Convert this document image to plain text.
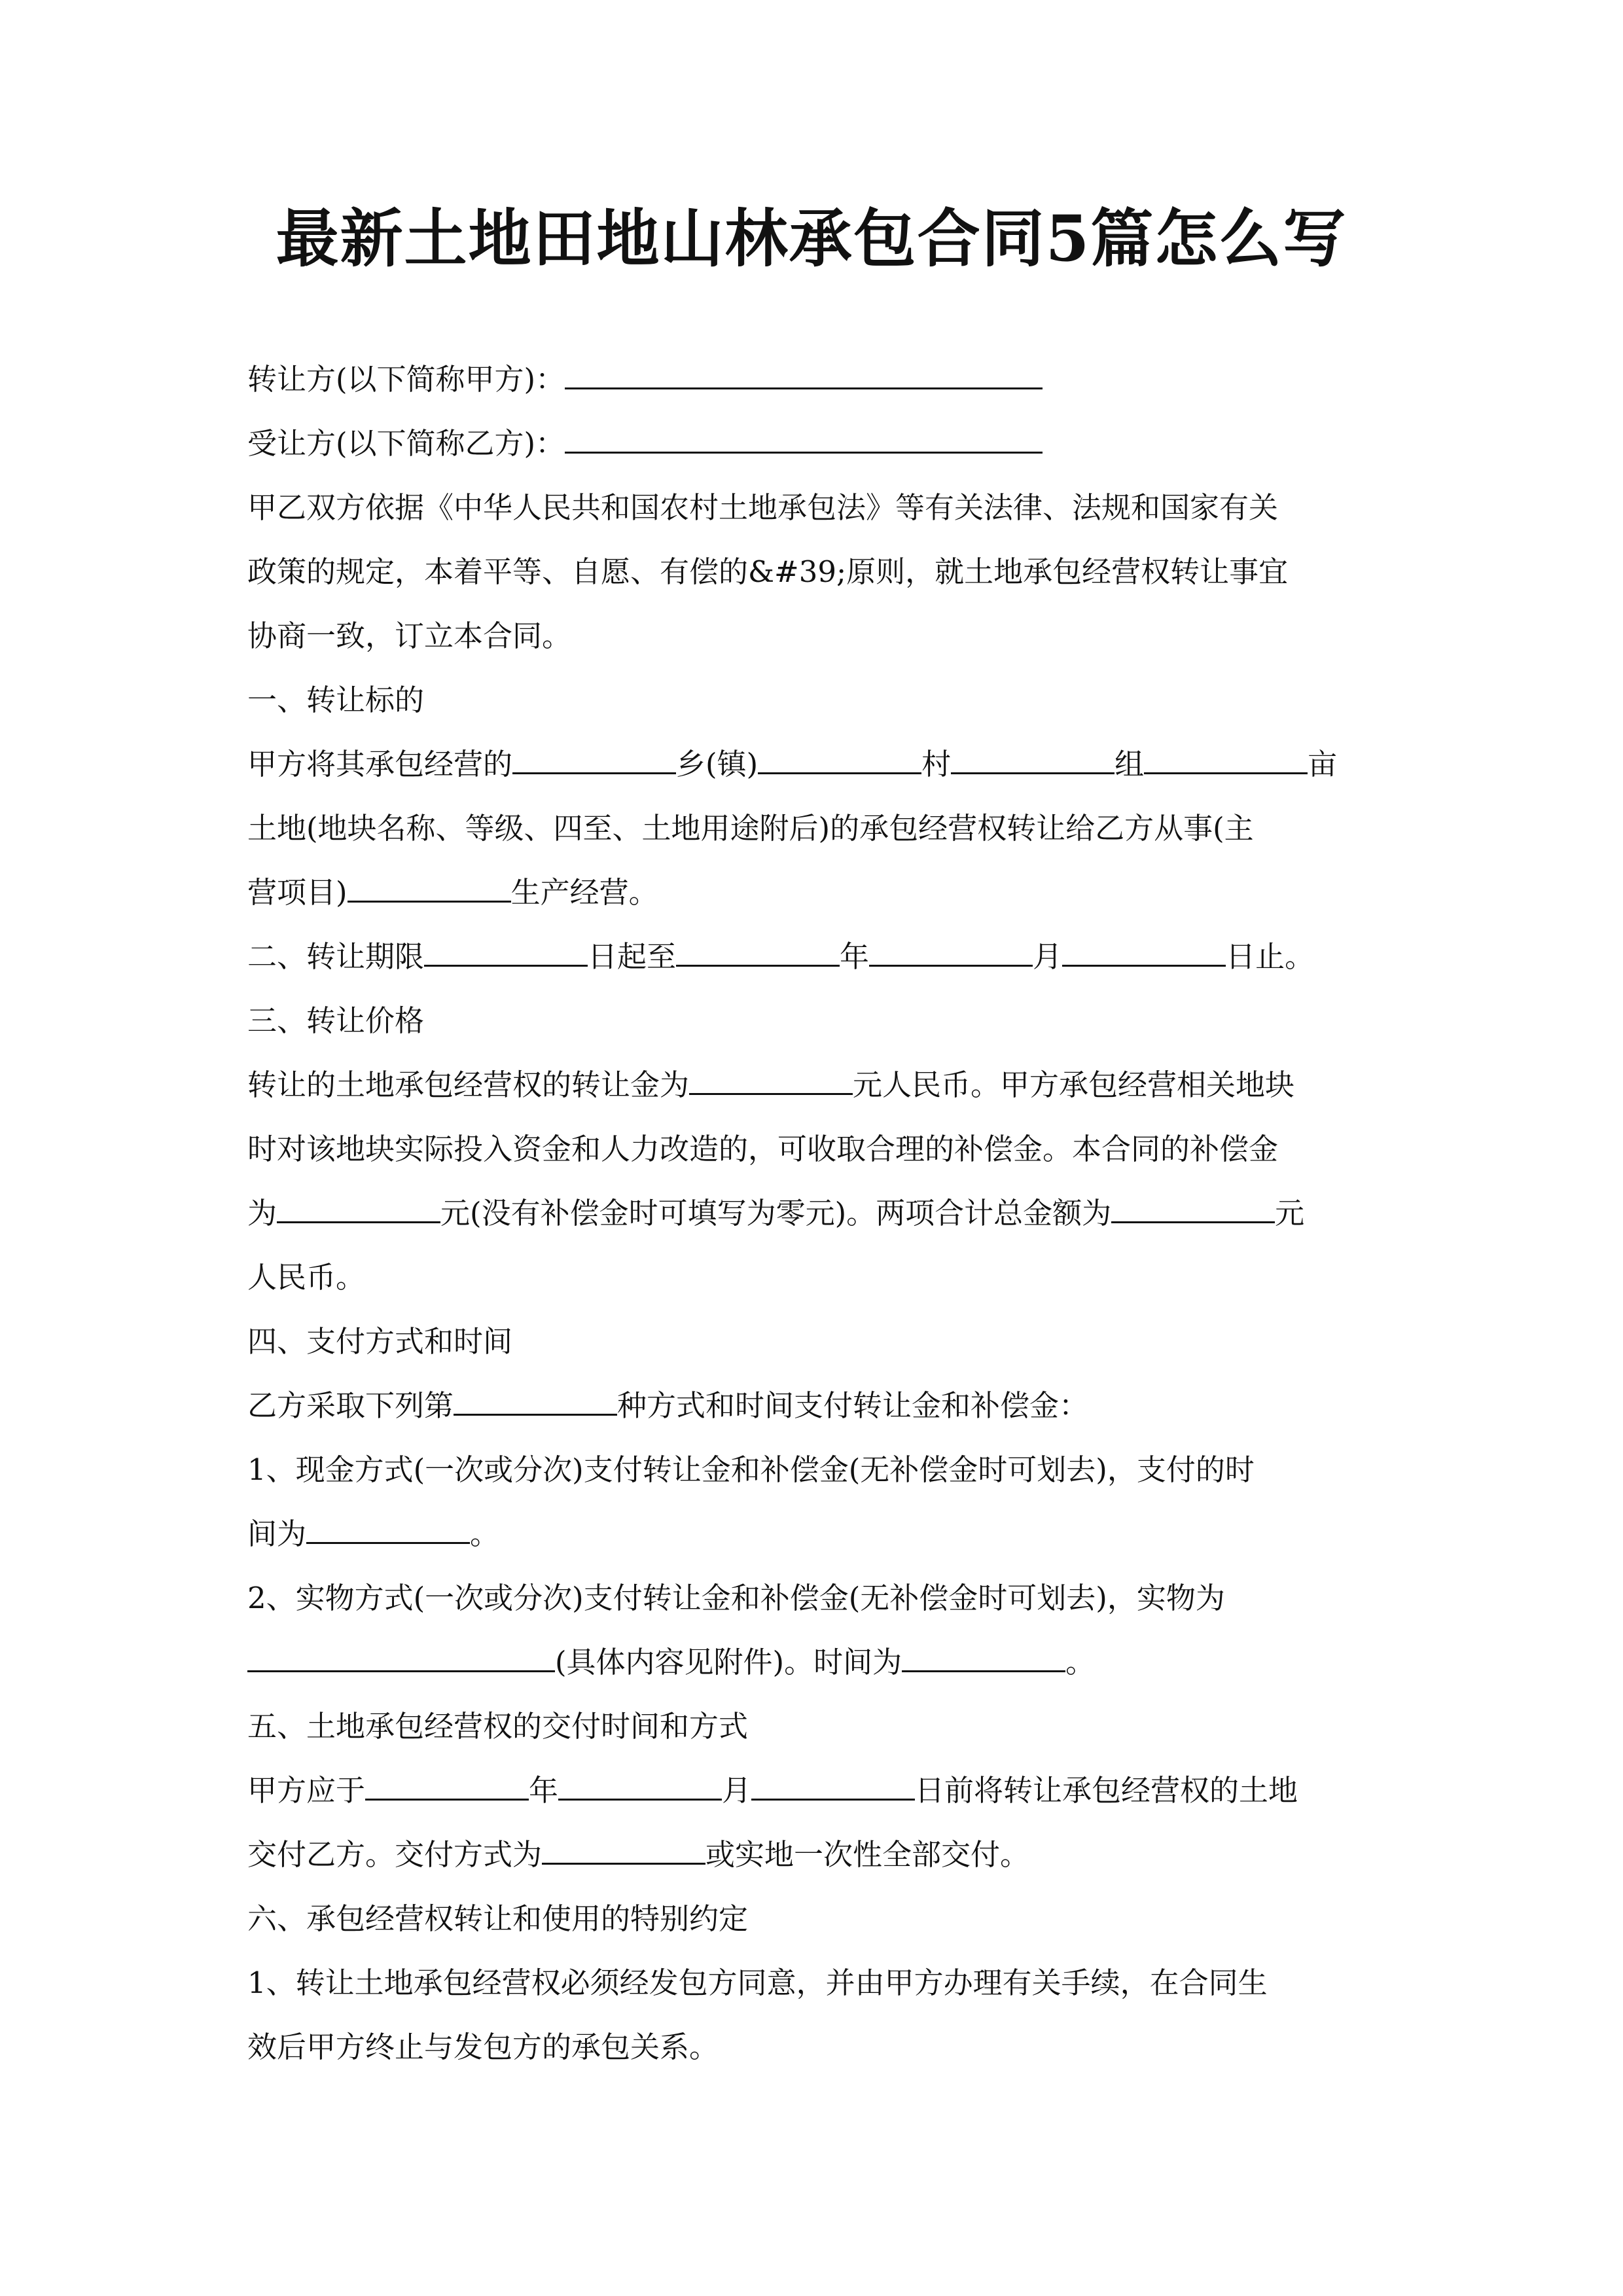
最新土地田地山林承包合同5篇怎么写
转让方(以下简称甲方)：
受让方(以下简称乙方)：
甲乙双方依据《中华人民共和国农村土地承包法》等有关法律、法规和国家有关
政策的规定，本着平等、自愿、有偿的&#39;原则，就土地承包经营权转让事宜
协商一致，订立本合同。
一、转让标的
甲方将其承包经营的	乡(镇)	村	组	亩
土地(地块名称、等级、四至、土地用途附后)的承包经营权转让给乙方从事(主
营项目)	生产经营。
二、转让期限	日起至	年	月	日止。
三、转让价格
转让的土地承包经营权的转让金为	元人民币。甲方承包经营相关地块
时对该地块实际投入资金和人力改造的，可收取合理的补偿金。本合同的补偿金
为	元(没有补偿金时可填写为零元)。两项合计总金额为	元
人民币。
四、支付方式和时间
乙方采取下列第	种方式和时间支付转让金和补偿金：
1、现金方式(一次或分次)支付转让金和补偿金(无补偿金时可划去)，支付的时
间为	。
2、实物方式(一次或分次)支付转让金和补偿金(无补偿金时可划去)，实物为
(具体内容见附件)。时间为	。
五、土地承包经营权的交付时间和方式
甲方应于	年	月	日前将转让承包经营权的土地
交付乙方。交付方式为	或实地一次性全部交付。
六、承包经营权转让和使用的特别约定
1、转让土地承包经营权必须经发包方同意，并由甲方办理有关手续，在合同生
效后甲方终止与发包方的承包关系。
